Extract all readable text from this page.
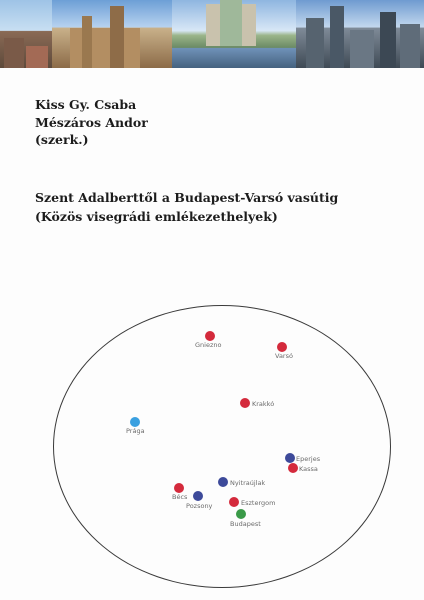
Kiss Gy. Csaba
Mészáros Andor
(szerk.)
Szent Adalberttől a Budapest-Varsó vasútig
(Közös visegrádi emlékezethelyek)
Gniezno
Varsó
Krakkó
Prága
Eperjes
Kassa
Nyitraújlak
Bécs
Pozsony	Esztergom
Budapest
